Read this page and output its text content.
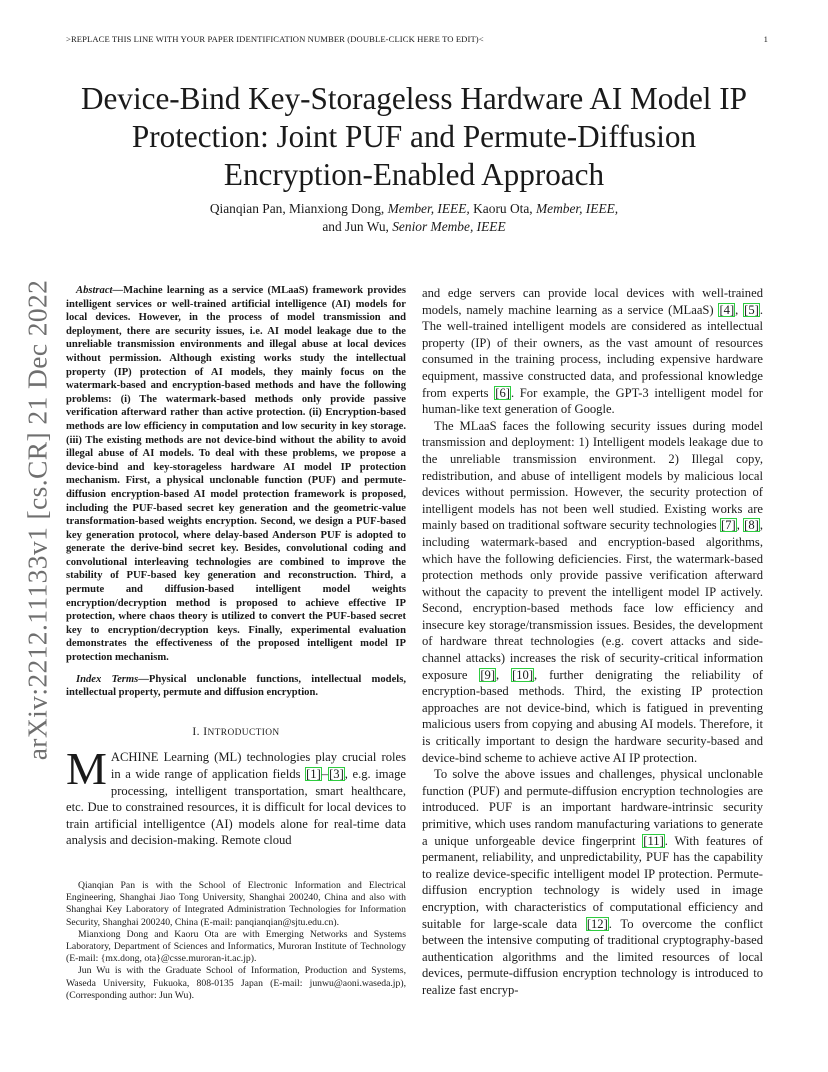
>REPLACE THIS LINE WITH YOUR PAPER IDENTIFICATION NUMBER (DOUBLE-CLICK HERE TO EDIT)<	1
Device-Bind Key-Storageless Hardware AI Model IP Protection: Joint PUF and Permute-Diffusion Encryption-Enabled Approach
Qianqian Pan, Mianxiong Dong, Member, IEEE, Kaoru Ota, Member, IEEE,
and Jun Wu, Senior Membe, IEEE
arXiv:2212.11133v1 [cs.CR] 21 Dec 2022	Abstract—Machine learning as a service (MLaaS) framework provides intelligent services or well-trained artificial intelligence (AI) models for local devices. However, in the process of model transmission and deployment, there are security issues, i.e. AI model leakage due to the unreliable transmission environments and illegal abuse at local devices without permission. Although existing works study the intellectual property (IP) protection of AI models, they mainly focus on the watermark-based and encryption-based methods and have the following problems: (i) The watermark-based methods only provide passive verification afterward rather than active protection. (ii) Encryption-based methods are low efficiency in computation and low security in key storage. (iii) The existing methods are not device-bind without the ability to avoid illegal abuse of AI models. To deal with these problems, we propose a device-bind and key-storageless hardware AI model IP protection mechanism. First, a physical unclonable function (PUF) and permute-diffusion encryption-based AI model protection framework is proposed, including the PUF-based secret key generation and the geometric-value transformation-based weights encryption. Second, we design a PUF-based key generation protocol, where delay-based Anderson PUF is adopted to generate the derive-bind secret key. Besides, convolutional coding and convolutional interleaving technologies are combined to improve the stability of PUF-based key generation and reconstruction. Third, a permute and diffusion-based intelligent model weights encryption/decryption method is proposed to achieve effective IP protection, where chaos theory is utilized to convert the PUF-based secret key to encryption/decryption keys. Finally, experimental evaluation demonstrates the effectiveness of the proposed intelligent model IP protection mechanism.

Index Terms—Physical unclonable functions, intellectual models, intellectual property, permute and diffusion encryption.

I. INTRODUCTION

MACHINE Learning (ML) technologies play crucial roles in a wide range of application fields [1]–[3], e.g. image processing, intelligent transportation, smart healthcare, etc. Due to constrained resources, it is difficult for local devices to train artificial intelligentce (AI) models alone for real-time data analysis and decision-making. Remote cloud

Qianqian Pan is with the School of Electronic Information and Electrical Engineering, Shanghai Jiao Tong University, Shanghai 200240, China and also with Shanghai Key Laboratory of Integrated Administration Technologies for Information Security, Shanghai 200240, China (E-mail: panqianqian@sjtu.edu.cn).

Mianxiong Dong and Kaoru Ota are with Emerging Networks and Systems Laboratory, Department of Sciences and Informatics, Muroran Institute of Technology (E-mail: {mx.dong, ota}@csse.muroran-it.ac.jp).

Jun Wu is with the Graduate School of Information, Production and Systems, Waseda University, Fukuoka, 808-0135 Japan (E-mail: junwu@aoni.waseda.jp), (Corresponding author: Jun Wu).

and edge servers can provide local devices with well-trained models, namely machine learning as a service (MLaaS) [4], [5]. The well-trained intelligent models are considered as intellectual property (IP) of their owners, as the vast amount of resources consumed in the training process, including expensive hardware equipment, massive constructed data, and professional knowledge from experts [6]. For example, the GPT-3 intelligent model for human-like text generation of Google.

The MLaaS faces the following security issues during model transmission and deployment: 1) Intelligent models leakage due to the unreliable transmission environment. 2) Illegal copy, redistribution, and abuse of intelligent models by malicious local devices without permission. However, the security protection of intelligent models has not been well studied. Existing works are mainly based on traditional software security technologies [7], [8], including watermark-based and encryption-based algorithms, which have the following deficiencies. First, the watermark-based protection methods only provide passive verification afterward without the capacity to prevent the intelligent model IP actively. Second, encryption-based methods face low efficiency and insecure key storage/transmission issues. Besides, the development of hardware threat technologies (e.g. covert attacks and side-channel attacks) increases the risk of security-critical information exposure [9], [10], further denigrating the reliability of encryption-based methods. Third, the existing IP protection approaches are not device-bind, which is fatigued in preventing malicious users from copying and abusing AI models. Therefore, it is critically important to design the hardware security-based and device-bind scheme to achieve active AI IP protection.

To solve the above issues and challenges, physical unclonable function (PUF) and permute-diffusion encryption technologies are introduced. PUF is an important hardware-intrinsic security primitive, which uses random manufacturing variations to generate a unique unforgeable device fingerprint [11]. With features of permanent, reliability, and unpredictability, PUF has the capability to realize device-specific intelligent model IP protection. Permute-diffusion encryption technology is widely used in image encryption, with characteristics of computational efficiency and suitable for large-scale data [12]. To overcome the conflict between the intensive computing of traditional cryptography-based authentication algorithms and the limited resources of local devices, permute-diffusion encryption technology is introduced to realize fast encryp-
